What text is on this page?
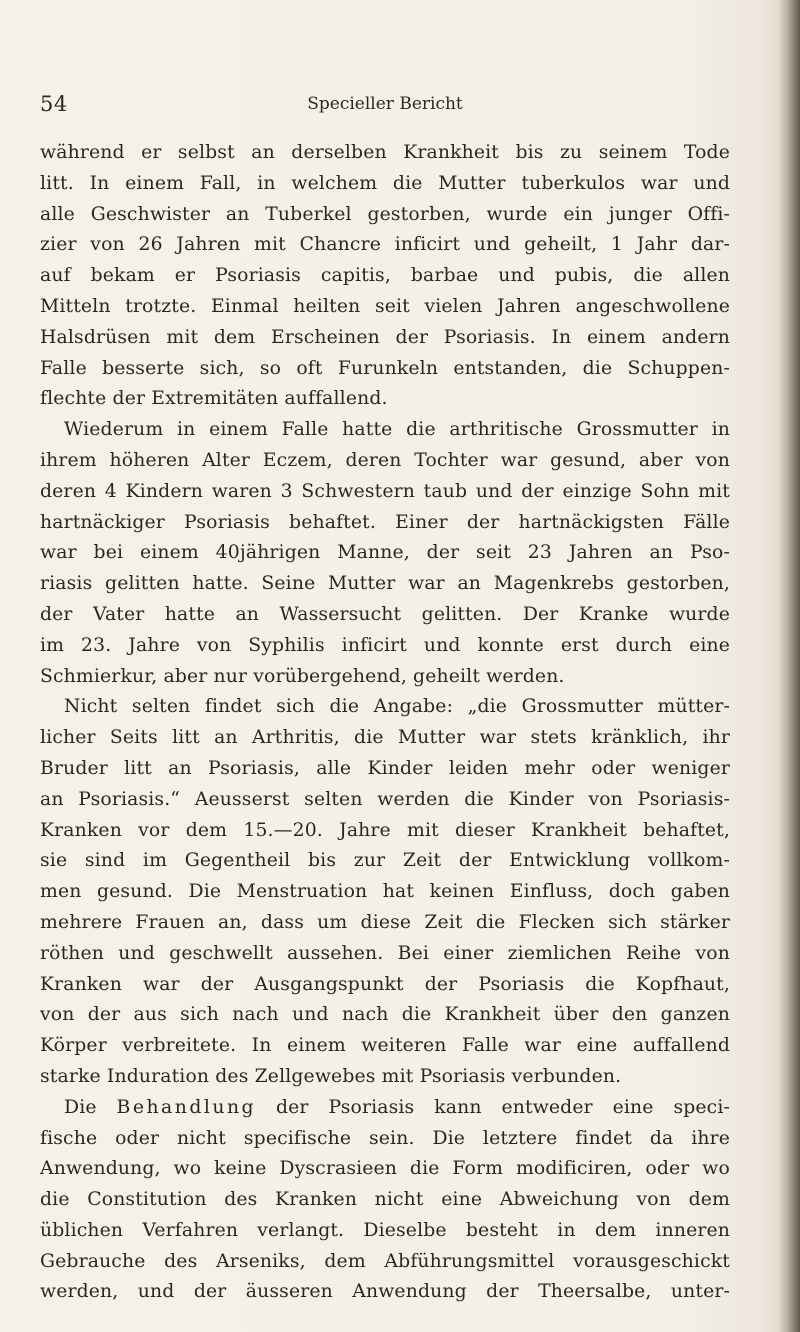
54	Specieller Bericht
während er selbst an derselben Krankheit bis zu seinem Tode
litt. In einem Fall, in welchem die Mutter tuberkulos war und
alle Geschwister an Tuberkel gestorben, wurde ein junger Offi-
zier von 26 Jahren mit Chancre inficirt und geheilt, 1 Jahr dar-
auf bekam er Psoriasis capitis, barbae und pubis, die allen
Mitteln trotzte. Einmal heilten seit vielen Jahren angeschwollene
Halsdrüsen mit dem Erscheinen der Psoriasis. In einem andern
Falle besserte sich, so oft Furunkeln entstanden, die Schuppen-
flechte der Extremitäten auffallend.
Wiederum in einem Falle hatte die arthritische Grossmutter in
ihrem höheren Alter Eczem, deren Tochter war gesund, aber von
deren 4 Kindern waren 3 Schwestern taub und der einzige Sohn mit
hartnäckiger Psoriasis behaftet. Einer der hartnäckigsten Fälle
war bei einem 40jährigen Manne, der seit 23 Jahren an Pso-
riasis gelitten hatte. Seine Mutter war an Magenkrebs gestorben,
der Vater hatte an Wassersucht gelitten. Der Kranke wurde
im 23. Jahre von Syphilis inficirt und konnte erst durch eine
Schmierkur, aber nur vorübergehend, geheilt werden.
Nicht selten findet sich die Angabe: „die Grossmutter mütter-
licher Seits litt an Arthritis, die Mutter war stets kränklich, ihr
Bruder litt an Psoriasis, alle Kinder leiden mehr oder weniger
an Psoriasis.“ Aeusserst selten werden die Kinder von Psoriasis-
Kranken vor dem 15.—20. Jahre mit dieser Krankheit behaftet,
sie sind im Gegentheil bis zur Zeit der Entwicklung vollkom-
men gesund. Die Menstruation hat keinen Einfluss, doch gaben
mehrere Frauen an, dass um diese Zeit die Flecken sich stärker
röthen und geschwellt aussehen. Bei einer ziemlichen Reihe von
Kranken war der Ausgangspunkt der Psoriasis die Kopfhaut,
von der aus sich nach und nach die Krankheit über den ganzen
Körper verbreitete. In einem weiteren Falle war eine auffallend
starke Induration des Zellgewebes mit Psoriasis verbunden.
Die Behandlung der Psoriasis kann entweder eine speci-
fische oder nicht specifische sein. Die letztere findet da ihre
Anwendung, wo keine Dyscrasieen die Form modificiren, oder wo
die Constitution des Kranken nicht eine Abweichung von dem
üblichen Verfahren verlangt. Dieselbe besteht in dem inneren
Gebrauche des Arseniks, dem Abführungsmittel vorausgeschickt
werden, und der äusseren Anwendung der Theersalbe, unter-
